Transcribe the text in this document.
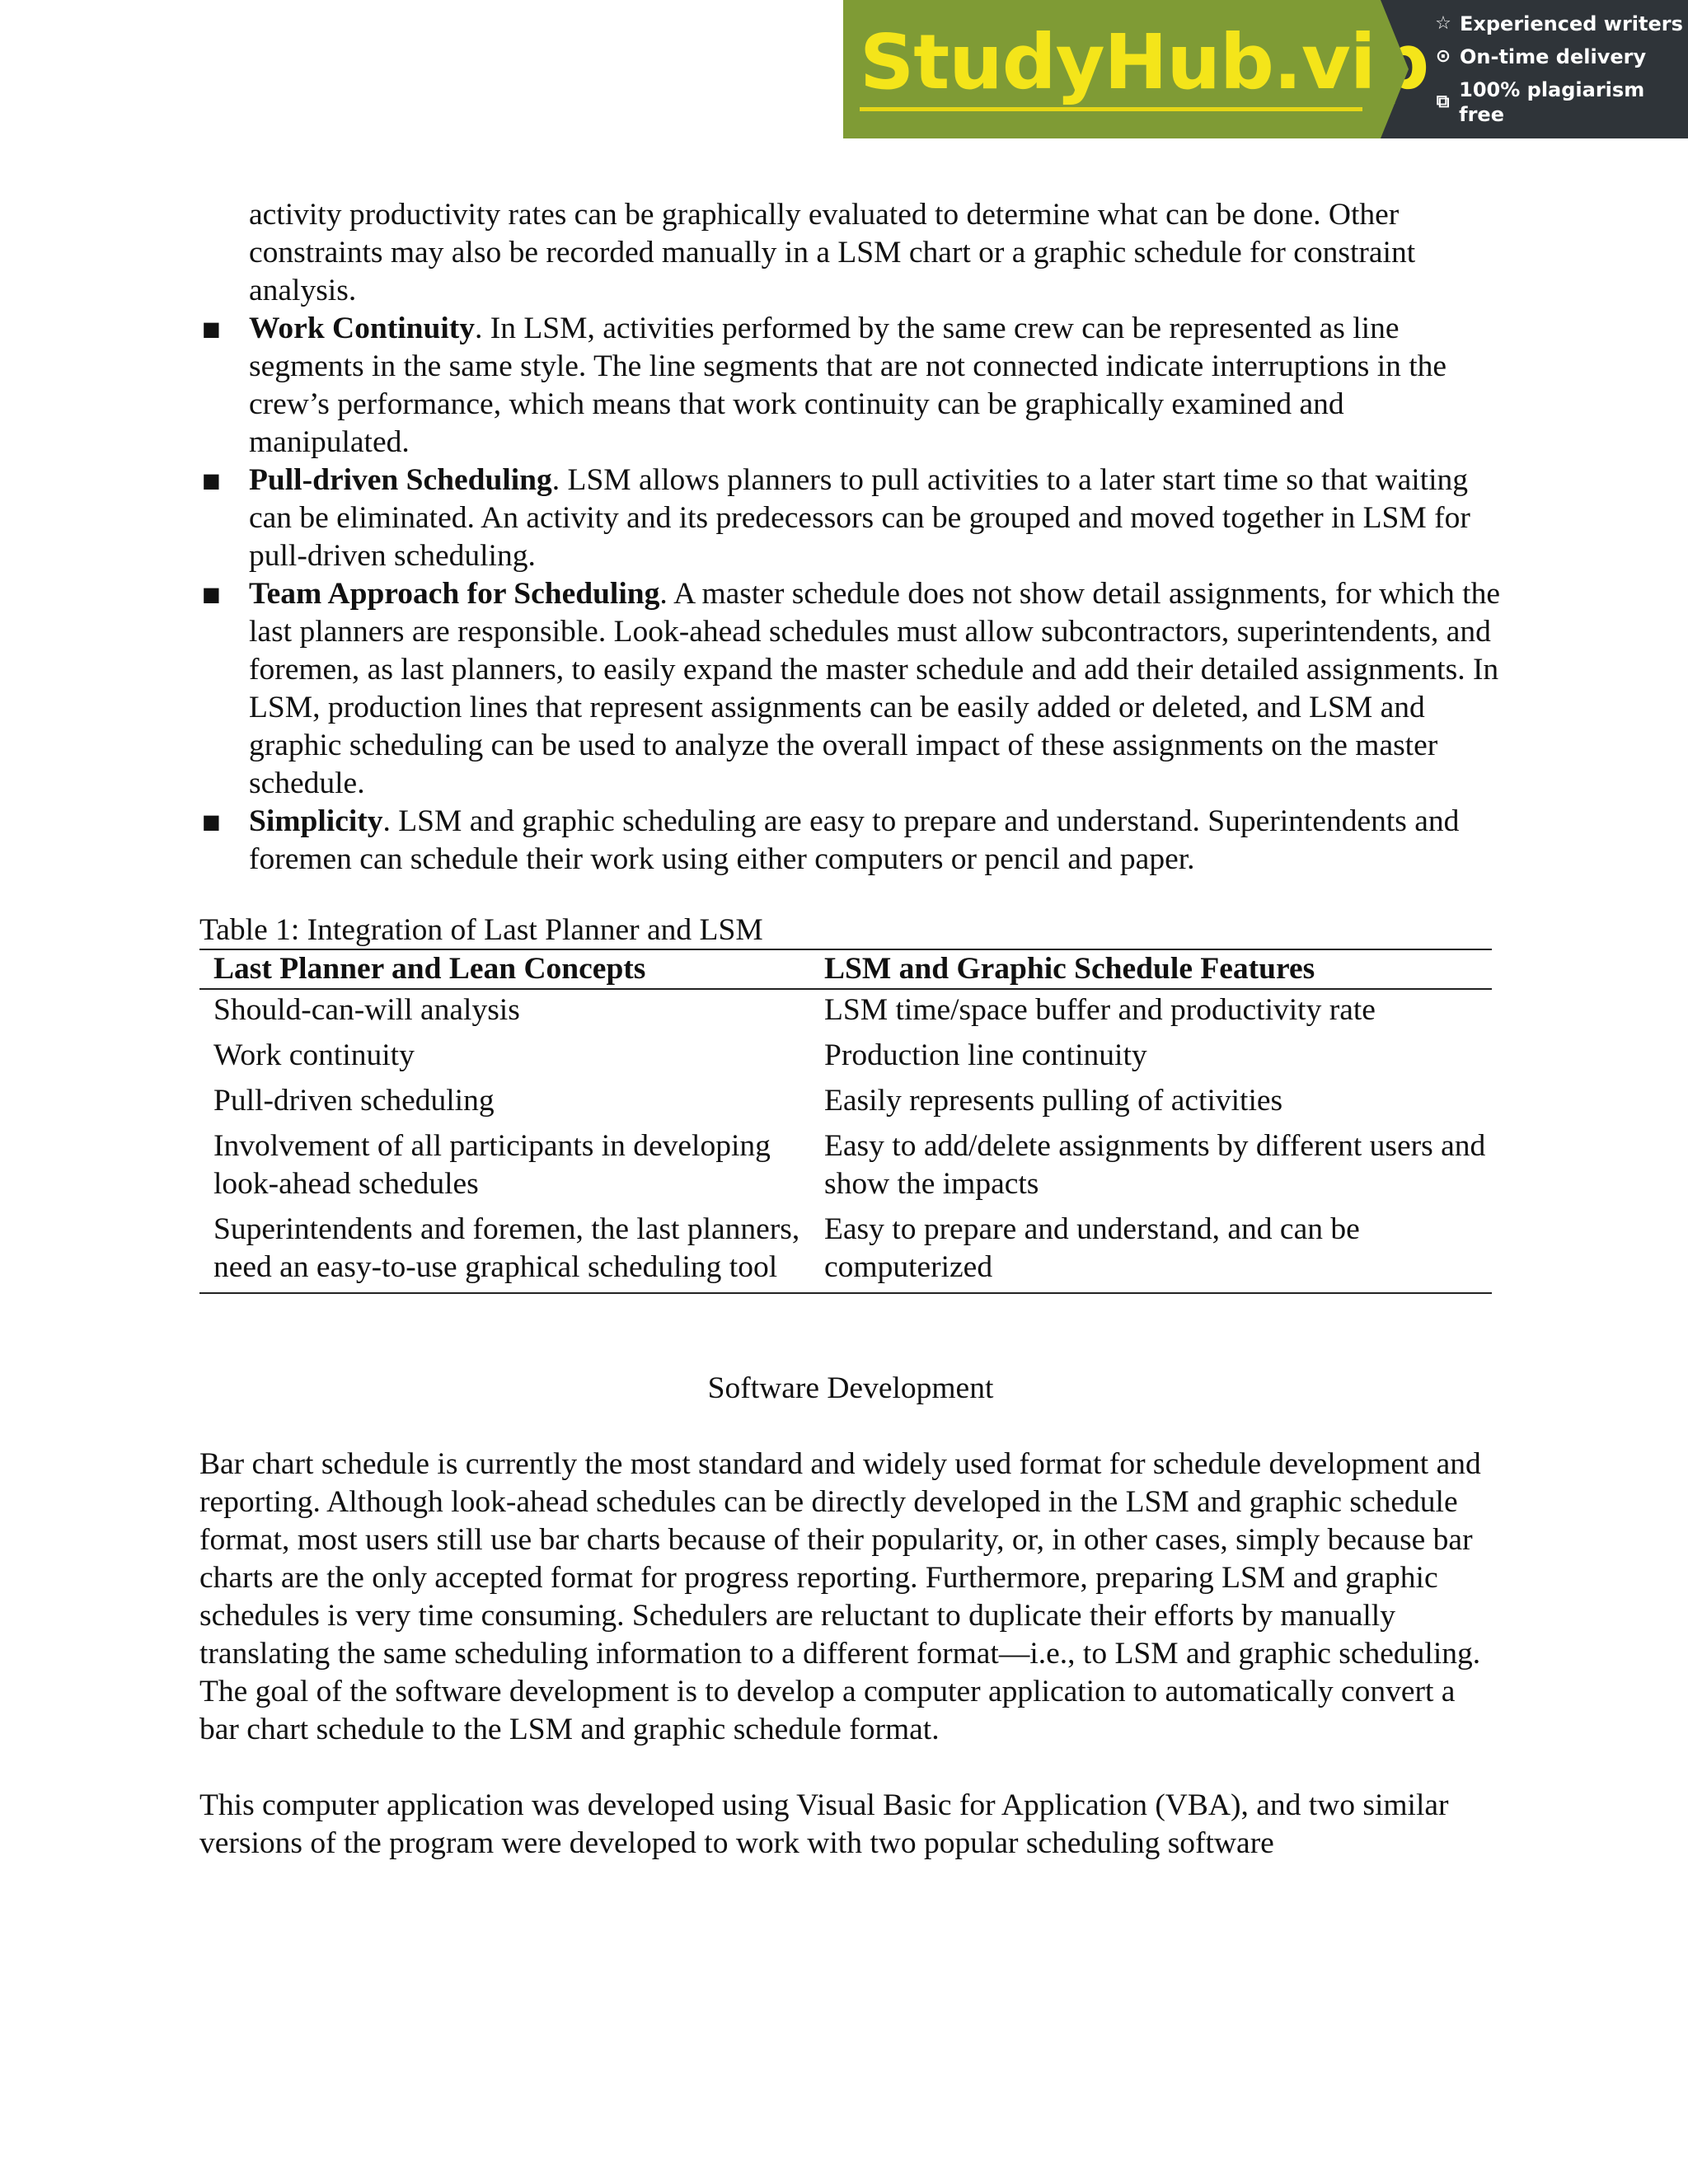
StudyHub.vip ☆ Experienced writers
⊙ On-time delivery
⧉
100% plagiarism free
activity productivity rates can be graphically evaluated to determine what can be done. Other constraints may also be recorded manually in a LSM chart or a graphic schedule for constraint analysis.
■ Work Continuity. In LSM, activities performed by the same crew can be represented as line segments in the same style. The line segments that are not connected indicate interruptions in the crew’s performance, which means that work continuity can be graphically examined and manipulated.
■ Pull-driven Scheduling. LSM allows planners to pull activities to a later start time so that waiting can be eliminated. An activity and its predecessors can be grouped and moved together in LSM for pull-driven scheduling.
■ Team Approach for Scheduling. A master schedule does not show detail assignments, for which the last planners are responsible. Look-ahead schedules must allow subcontractors, superintendents, and foremen, as last planners, to easily expand the master schedule and add their detailed assignments. In LSM, production lines that represent assignments can be easily added or deleted, and LSM and graphic scheduling can be used to analyze the overall impact of these assignments on the master schedule.
■ Simplicity. LSM and graphic scheduling are easy to prepare and understand. Superintendents and foremen can schedule their work using either computers or pencil and paper.
Table 1: Integration of Last Planner and LSM
Last Planner and Lean Concepts	LSM and Graphic Schedule Features
Should-can-will analysis	LSM time/space buffer and productivity rate
Work continuity	Production line continuity
Pull-driven scheduling	Easily represents pulling of activities
Involvement of all participants in developing look-ahead schedules	Easy to add/delete assignments by different users and show the impacts
Superintendents and foremen, the last planners, need an easy-to-use graphical scheduling tool	Easy to prepare and understand, and can be computerized
Software Development
Bar chart schedule is currently the most standard and widely used format for schedule development and reporting. Although look-ahead schedules can be directly developed in the LSM and graphic schedule format, most users still use bar charts because of their popularity, or, in other cases, simply because bar charts are the only accepted format for progress reporting. Furthermore, preparing LSM and graphic schedules is very time consuming. Schedulers are reluctant to duplicate their efforts by manually translating the same scheduling information to a different format—i.e., to LSM and graphic scheduling. The goal of the software development is to develop a computer application to automatically convert a bar chart schedule to the LSM and graphic schedule format.
This computer application was developed using Visual Basic for Application (VBA), and two similar versions of the program were developed to work with two popular scheduling software
